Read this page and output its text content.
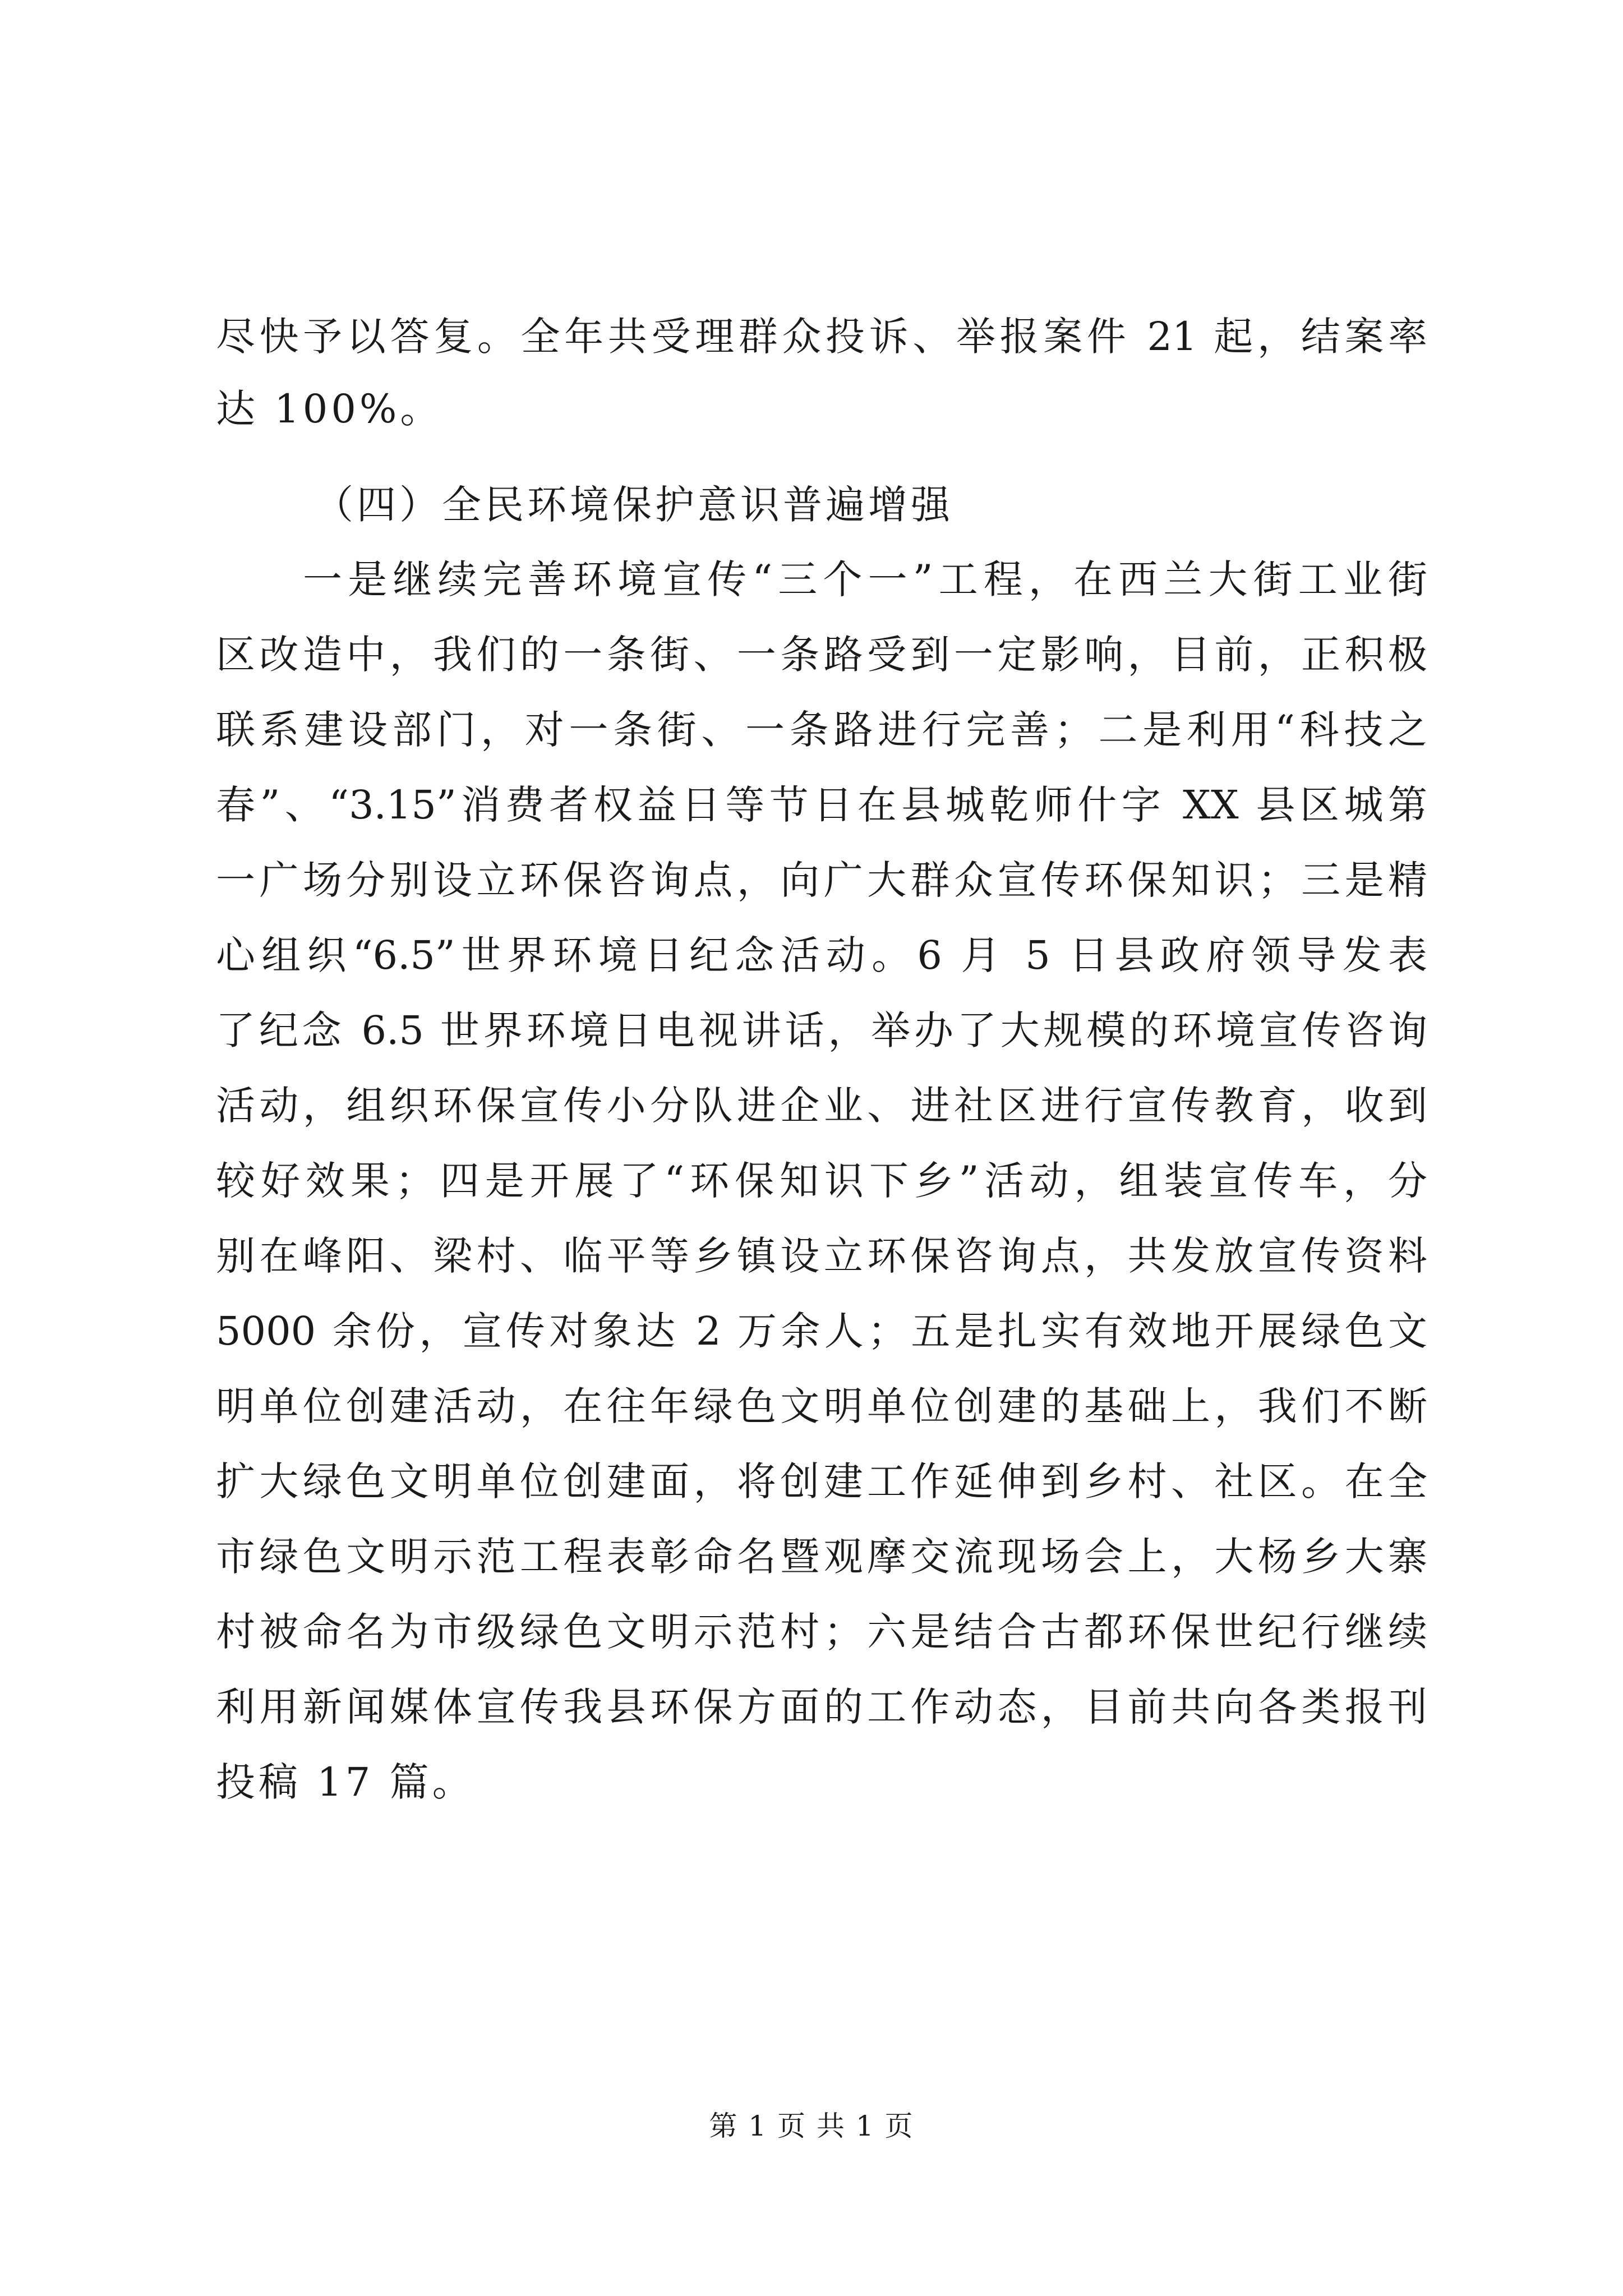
尽快予以答复。全年共受理群众投诉、举报案件 21 起，结案率
达 100%。
（四）全民环境保护意识普遍增强
一是继续完善环境宣传“三个一”工程，在西兰大街工业街
区改造中，我们的一条街、一条路受到一定影响，目前，正积极
联系建设部门，对一条街、一条路进行完善；二是利用“科技之
春”、“3.15”消费者权益日等节日在县城乾师什字 XX 县区城第
一广场分别设立环保咨询点，向广大群众宣传环保知识；三是精
心组织“6.5”世界环境日纪念活动。6 月 5 日县政府领导发表
了纪念 6.5 世界环境日电视讲话，举办了大规模的环境宣传咨询
活动，组织环保宣传小分队进企业、进社区进行宣传教育，收到
较好效果；四是开展了“环保知识下乡”活动，组装宣传车，分
别在峰阳、梁村、临平等乡镇设立环保咨询点，共发放宣传资料
5000 余份，宣传对象达 2 万余人；五是扎实有效地开展绿色文
明单位创建活动，在往年绿色文明单位创建的基础上，我们不断
扩大绿色文明单位创建面，将创建工作延伸到乡村、社区。在全
市绿色文明示范工程表彰命名暨观摩交流现场会上，大杨乡大寨
村被命名为市级绿色文明示范村；六是结合古都环保世纪行继续
利用新闻媒体宣传我县环保方面的工作动态，目前共向各类报刊
投稿 17 篇。
第 1 页 共 1 页
